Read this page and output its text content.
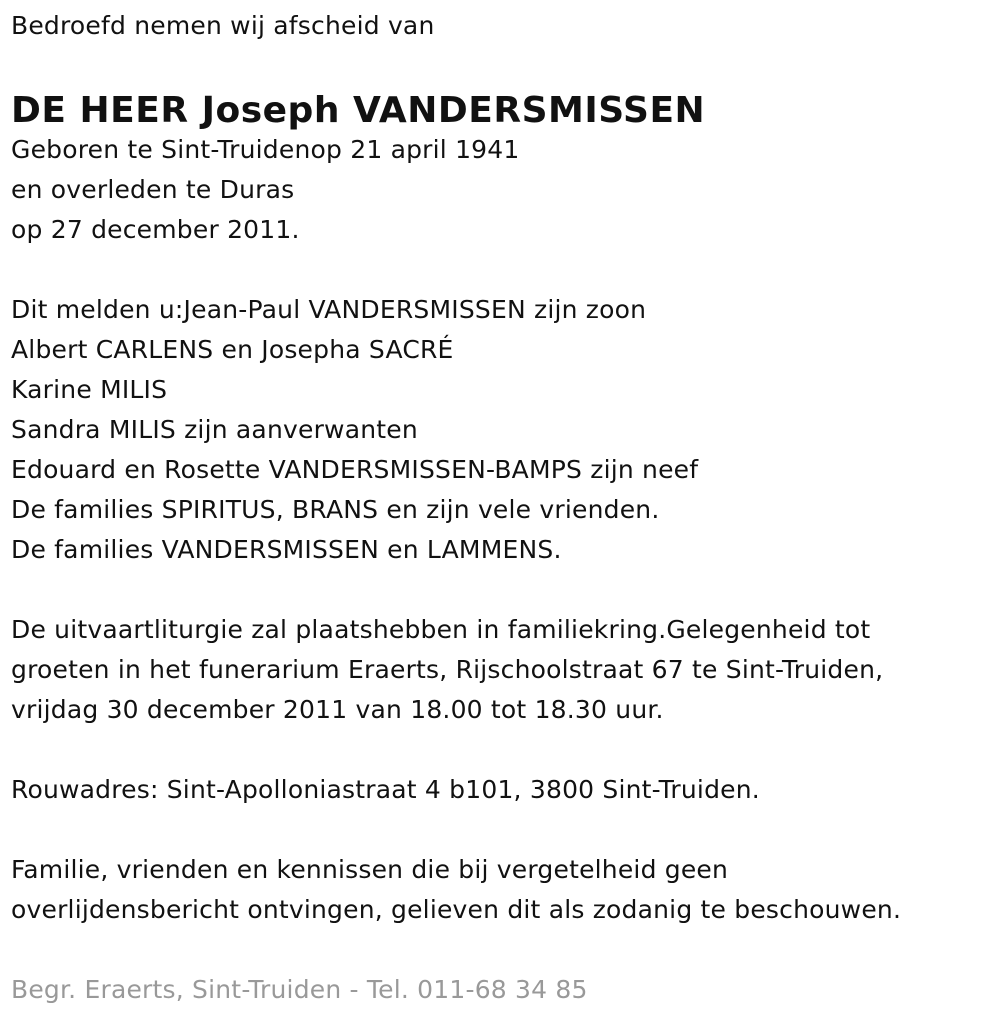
Bedroefd nemen wij afscheid van
DE HEER Joseph VANDERSMISSEN
Geboren te Sint-Truidenop 21 april 1941
en overleden te Duras
op 27 december 2011.
Dit melden u:Jean-Paul VANDERSMISSEN zijn zoon
Albert CARLENS en Josepha SACRÉ
Karine MILIS
Sandra MILIS zijn aanverwanten
Edouard en Rosette VANDERSMISSEN-BAMPS zijn neef
De families SPIRITUS, BRANS en zijn vele vrienden.
De families VANDERSMISSEN en LAMMENS.
De uitvaartliturgie zal plaatshebben in familiekring.Gelegenheid tot
groeten in het funerarium Eraerts, Rijschoolstraat 67 te Sint-Truiden,
vrijdag 30 december 2011 van 18.00 tot 18.30 uur.
Rouwadres: Sint-Apolloniastraat 4 b101, 3800 Sint-Truiden.
Familie, vrienden en kennissen die bij vergetelheid geen
overlijdensbericht ontvingen, gelieven dit als zodanig te beschouwen.
Begr. Eraerts, Sint-Truiden - Tel. 011-68 34 85
